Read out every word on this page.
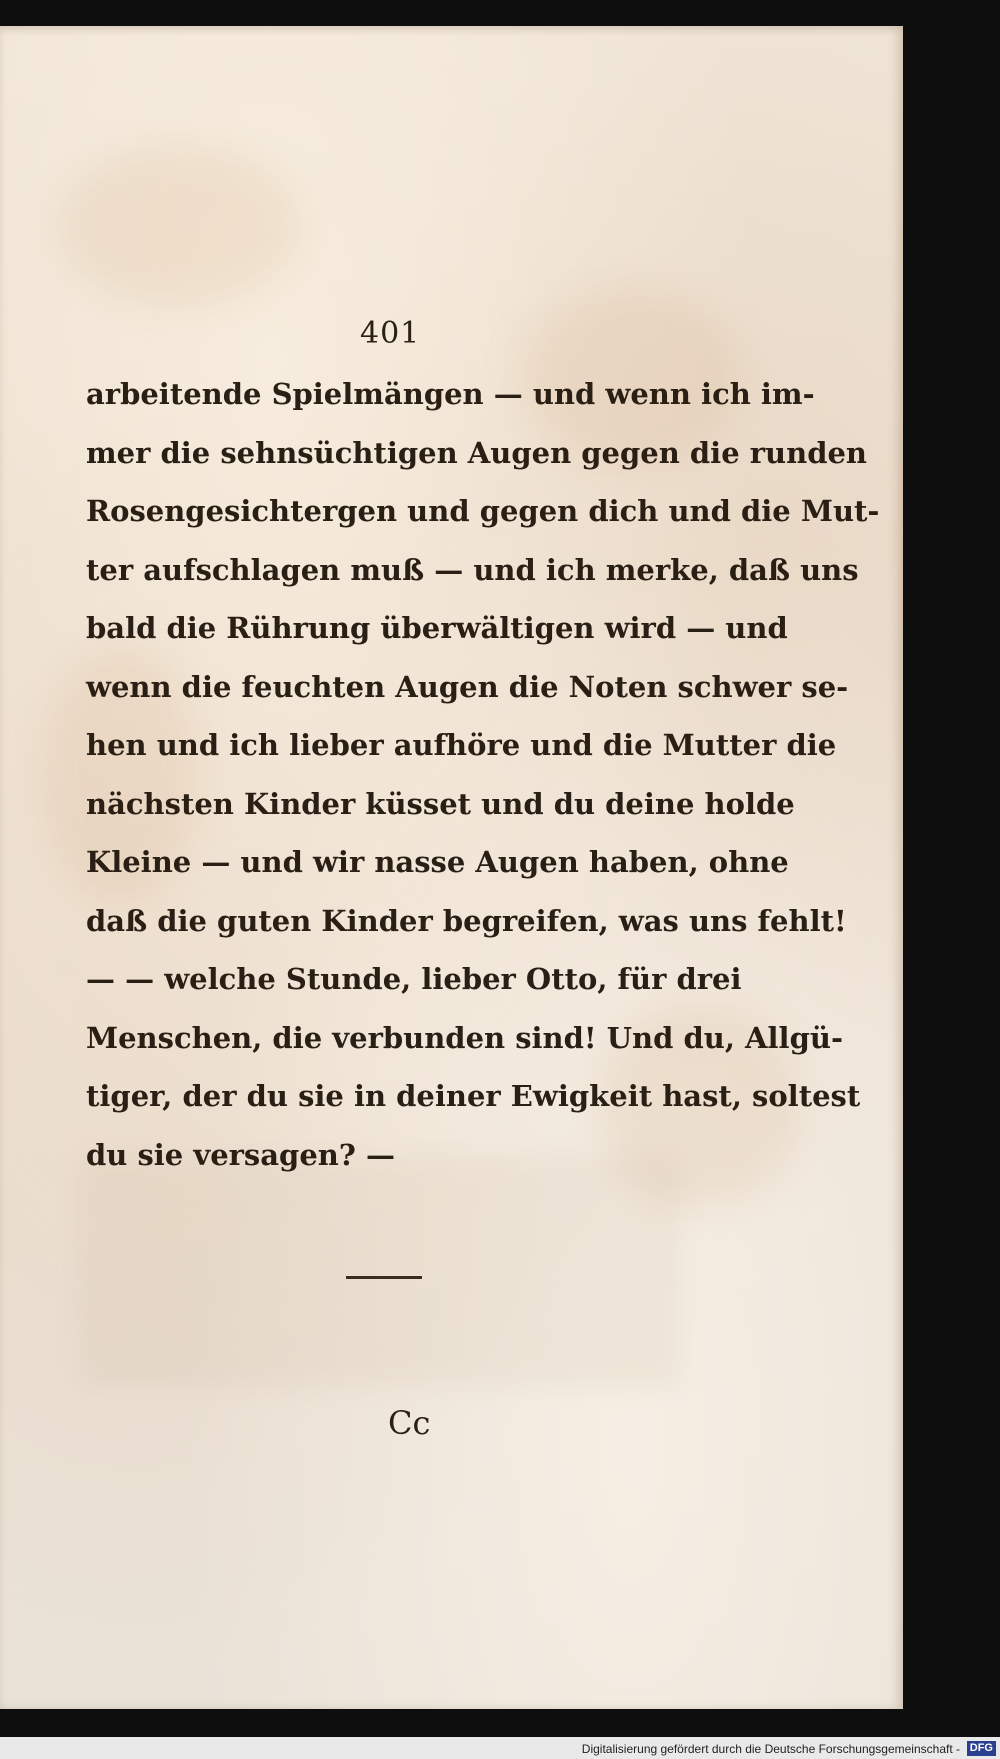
401
arbeitende Spielmängen — und wenn ich im-
mer die sehnsüchtigen Augen gegen die runden
Rosengesichtergen und gegen dich und die Mut-
ter aufschlagen muß — und ich merke, daß uns
bald die Rührung überwältigen wird — und
wenn die feuchten Augen die Noten schwer se-
hen und ich lieber aufhöre und die Mutter die
nächsten Kinder küsset und du deine holde
Kleine — und wir nasse Augen haben, ohne
daß die guten Kinder begreifen, was uns fehlt!
— — welche Stunde, lieber Otto, für drei
Menschen, die verbunden sind! Und du, Allgü-
tiger, der du sie in deiner Ewigkeit hast, soltest
du sie versagen? —
Cc
Digitalisierung gefördert durch die Deutsche Forschungsgemeinschaft - DFG
